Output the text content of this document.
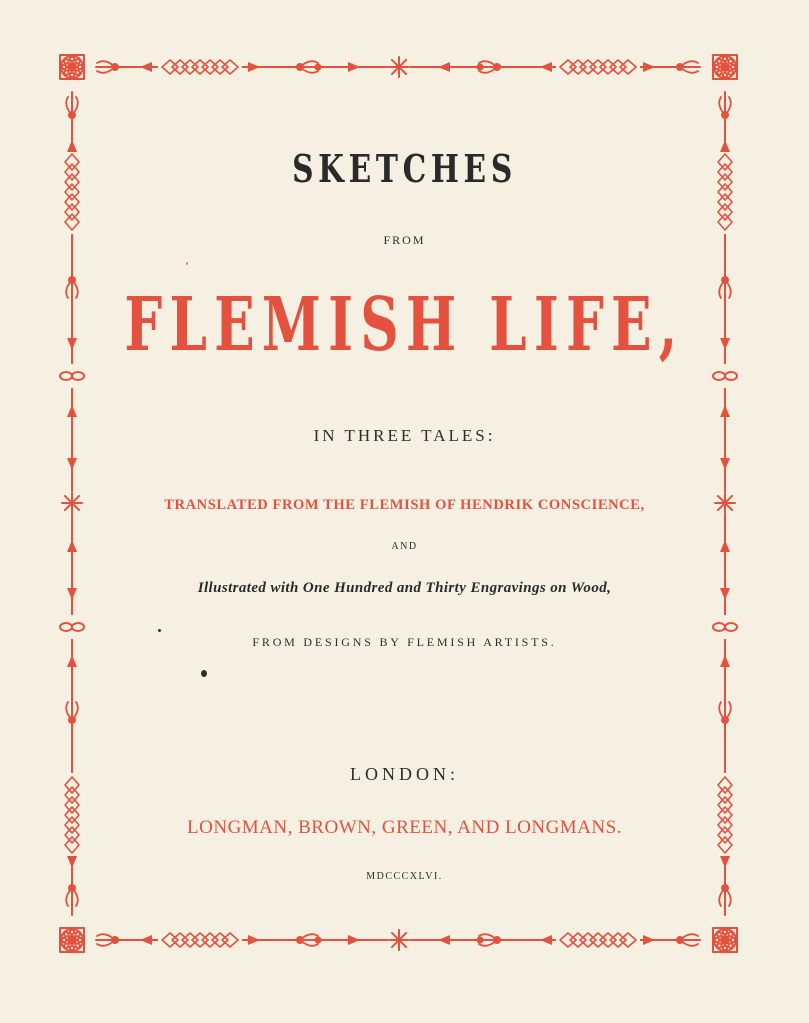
SKETCHES
FROM
FLEMISH LIFE,
IN THREE TALES:
TRANSLATED FROM THE FLEMISH OF HENDRIK CONSCIENCE,
AND
Illustrated with One Hundred and Thirty Engravings on Wood,
FROM DESIGNS BY FLEMISH ARTISTS.
LONDON:
LONGMAN, BROWN, GREEN, AND LONGMANS.
MDCCCXLVI.
